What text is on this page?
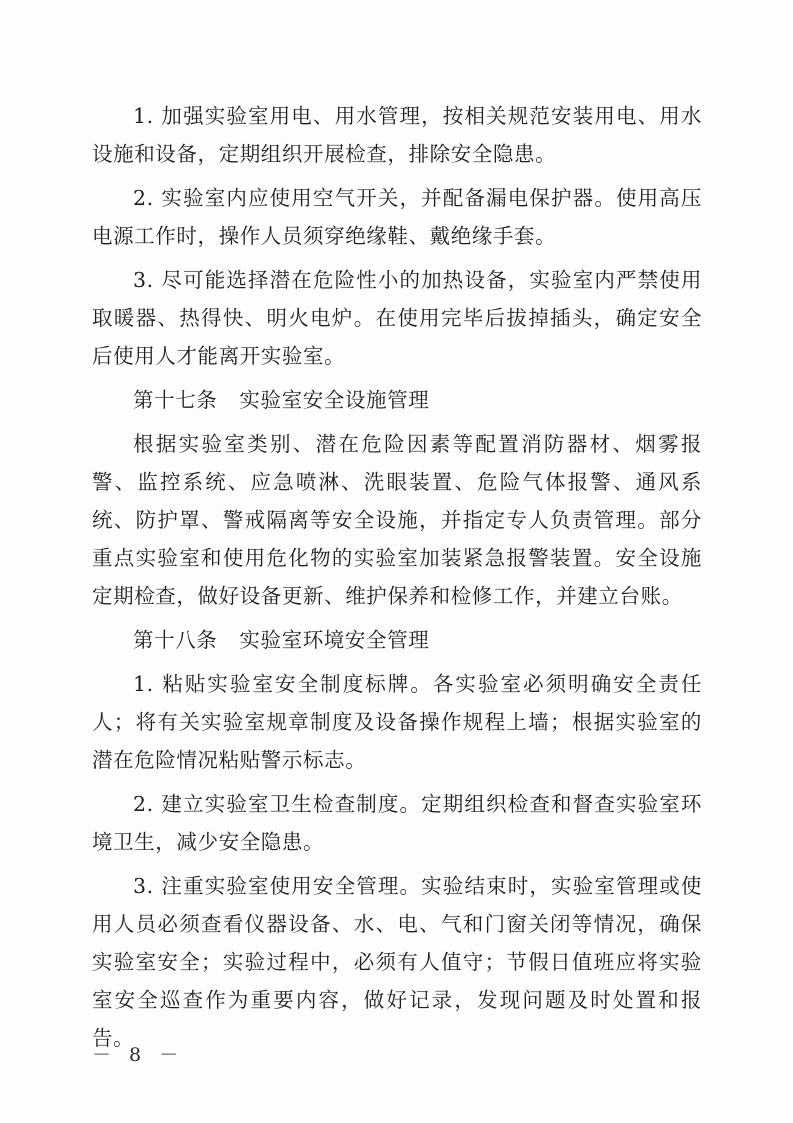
1. 加强实验室用电、用水管理，按相关规范安装用电、用水设施和设备，定期组织开展检查，排除安全隐患。

2. 实验室内应使用空气开关，并配备漏电保护器。使用高压电源工作时，操作人员须穿绝缘鞋、戴绝缘手套。

3. 尽可能选择潜在危险性小的加热设备，实验室内严禁使用取暖器、热得快、明火电炉。在使用完毕后拔掉插头，确定安全后使用人才能离开实验室。

第十七条 实验室安全设施管理

根据实验室类别、潜在危险因素等配置消防器材、烟雾报警、监控系统、应急喷淋、洗眼装置、危险气体报警、通风系统、防护罩、警戒隔离等安全设施，并指定专人负责管理。部分重点实验室和使用危化物的实验室加装紧急报警装置。安全设施定期检查，做好设备更新、维护保养和检修工作，并建立台账。

第十八条 实验室环境安全管理

1. 粘贴实验室安全制度标牌。各实验室必须明确安全责任人；将有关实验室规章制度及设备操作规程上墙；根据实验室的潜在危险情况粘贴警示标志。

2. 建立实验室卫生检查制度。定期组织检查和督查实验室环境卫生，减少安全隐患。

3. 注重实验室使用安全管理。实验结束时，实验室管理或使用人员必须查看仪器设备、水、电、气和门窗关闭等情况，确保实验室安全；实验过程中，必须有人值守；节假日值班应将实验室安全巡查作为重要内容，做好记录，发现问题及时处置和报告。

－ 8 －
